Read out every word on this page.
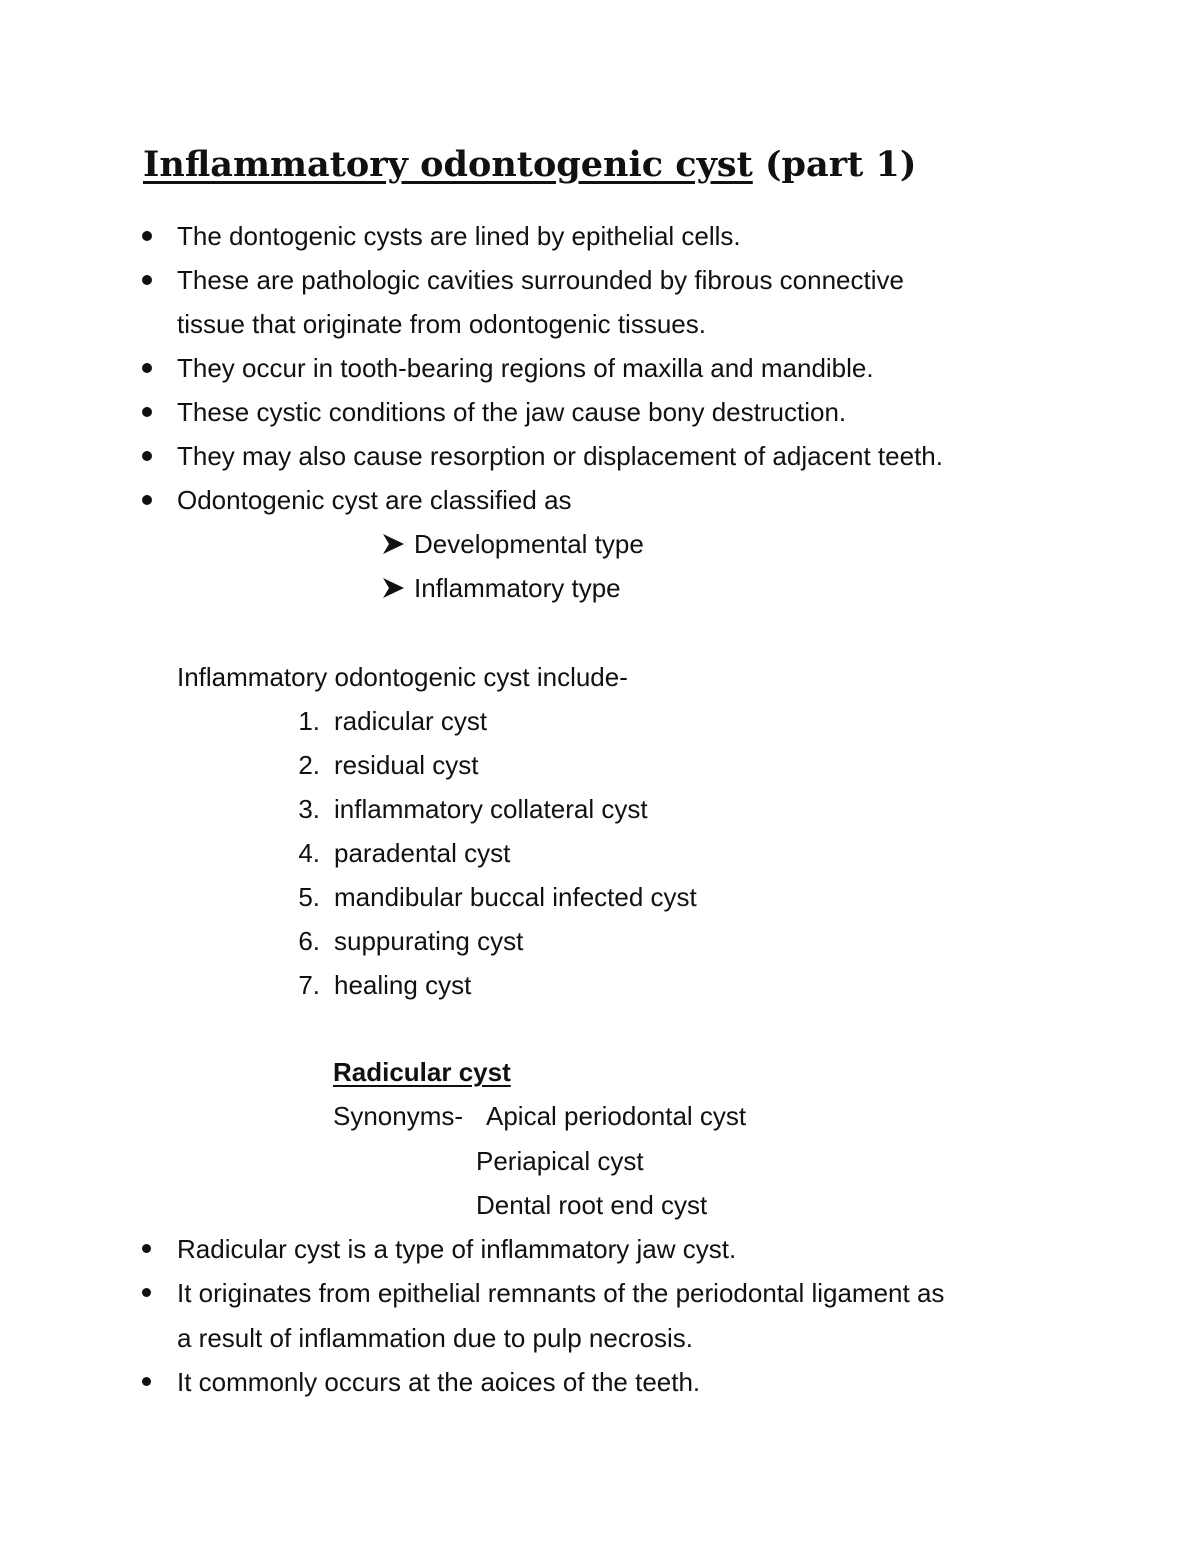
Inflammatory odontogenic cyst (part 1)
The dontogenic cysts are lined by epithelial cells.
These are pathologic cavities surrounded by fibrous connective
tissue that originate from odontogenic tissues.
They occur in tooth-bearing regions of maxilla and mandible.
These cystic conditions of the jaw cause bony destruction.
They may also cause resorption or displacement of adjacent teeth.
Odontogenic cyst are classified as
Developmental type
Inflammatory type
Inflammatory odontogenic cyst include-
1. radicular cyst
2. residual cyst
3. inflammatory collateral cyst
4. paradental cyst
5. mandibular buccal infected cyst
6. suppurating cyst
7. healing cyst
Radicular cyst
Synonyms- Apical periodontal cyst
Periapical cyst
Dental root end cyst
Radicular cyst is a type of inflammatory jaw cyst.
It originates from epithelial remnants of the periodontal ligament as
a result of inflammation due to pulp necrosis.
It commonly occurs at the aoices of the teeth.
